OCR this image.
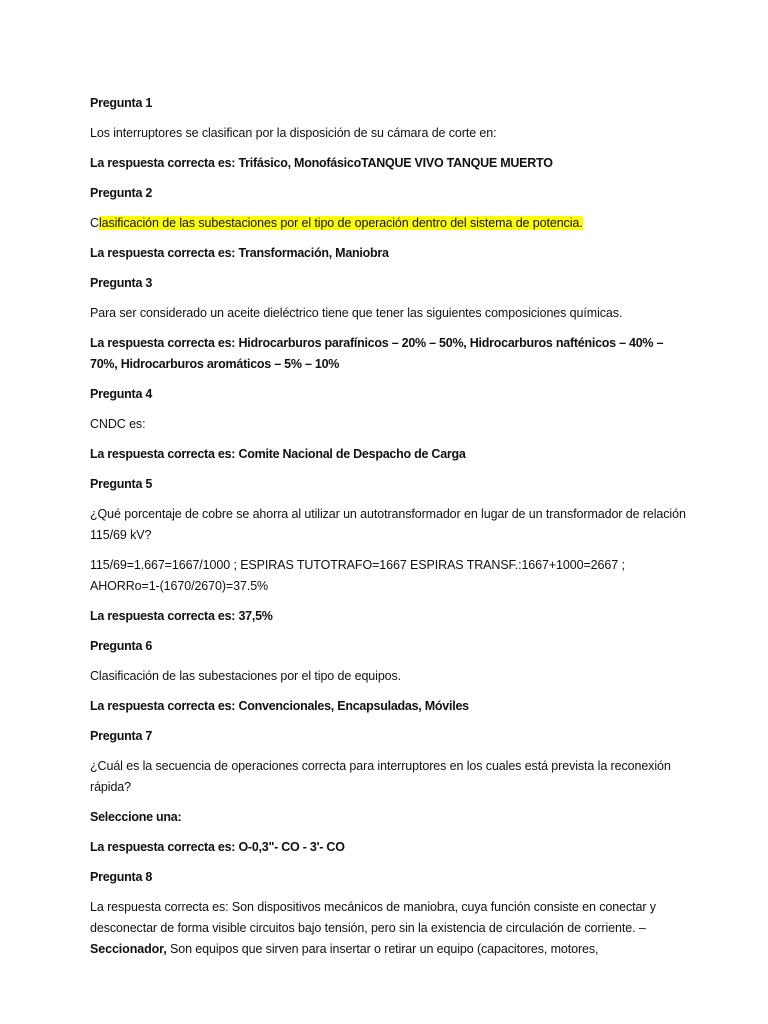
Pregunta 1

Los interruptores se clasifican por la disposición de su cámara de corte en:

La respuesta correcta es: Trifásico, MonofásicoTANQUE VIVO TANQUE MUERTO

Pregunta 2

Clasificación de las subestaciones por el tipo de operación dentro del sistema de potencia.

La respuesta correcta es: Transformación, Maniobra

Pregunta 3

Para ser considerado un aceite dieléctrico tiene que tener las siguientes composiciones químicas.

La respuesta correcta es: Hidrocarburos parafínicos – 20% – 50%, Hidrocarburos nafténicos – 40% – 70%, Hidrocarburos aromáticos – 5% – 10%

Pregunta 4

CNDC es:

La respuesta correcta es: Comite Nacional de Despacho de Carga

Pregunta 5

¿Qué porcentaje de cobre se ahorra al utilizar un autotransformador en lugar de un transformador de relación 115/69 kV?

115/69=1.667=1667/1000 ; ESPIRAS TUTOTRAFO=1667 ESPIRAS TRANSF.:1667+1000=2667 ;
AHORRo=1-(1670/2670)=37.5%

La respuesta correcta es: 37,5%

Pregunta 6

Clasificación de las subestaciones por el tipo de equipos.

La respuesta correcta es: Convencionales, Encapsuladas, Móviles

Pregunta 7

¿Cuál es la secuencia de operaciones correcta para interruptores en los cuales está prevista la reconexión rápida?

Seleccione una:

La respuesta correcta es: O-0,3"- CO - 3'- CO

Pregunta 8

La respuesta correcta es: Son dispositivos mecánicos de maniobra, cuya función consiste en conectar y desconectar de forma visible circuitos bajo tensión, pero sin la existencia de circulación de corriente. – Seccionador, Son equipos que sirven para insertar o retirar un equipo (capacitores, motores,
